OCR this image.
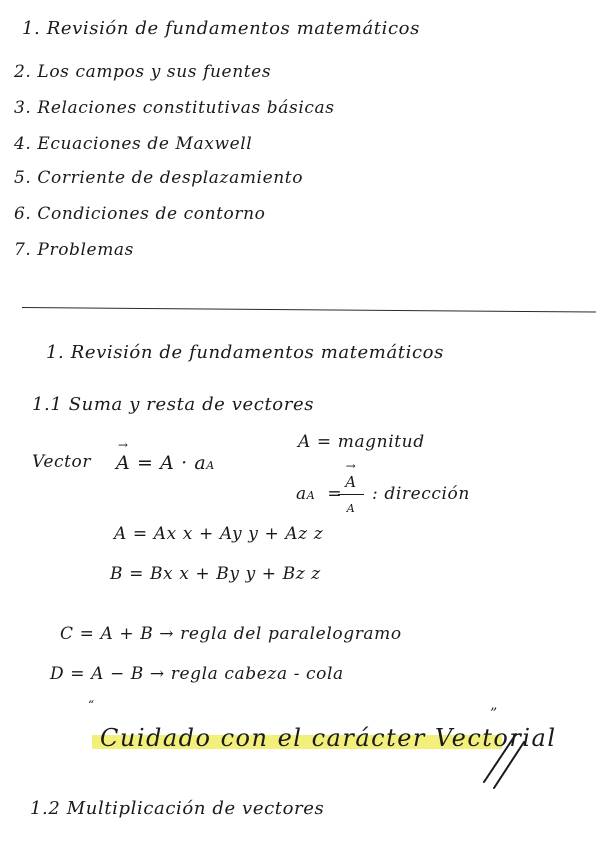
1. Revisión de fundamentos matemáticos
2. Los campos y sus fuentes
3. Relaciones constitutivas básicas
4. Ecuaciones de Maxwell
5. Corriente de desplazamiento
6. Condiciones de contorno
7. Problemas
1. Revisión de fundamentos matemáticos
1.1 Suma y resta de vectores
Vector
→ A = A · aA
A = magnitud
aA =
→ A
A
: dirección
A = Ax x + Ay y + Az z
B = Bx x + By y + Bz z
C = A + B → regla del paralelogramo
D = A − B → regla cabeza - cola
“
Cuidado con el carácter Vectorial
”
1.2 Multiplicación de vectores
